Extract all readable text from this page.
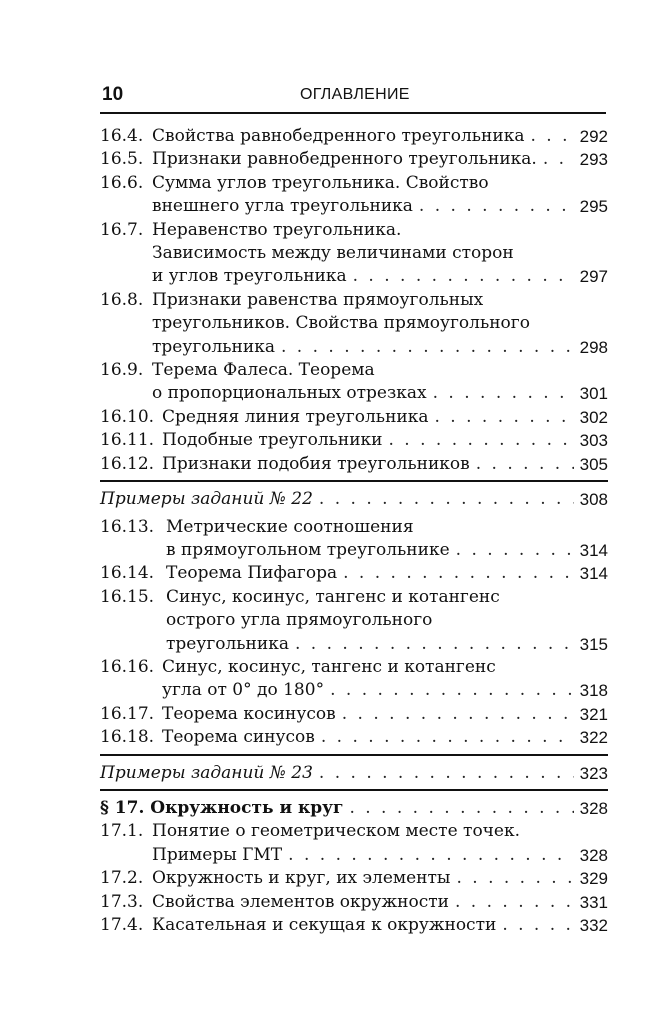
10	ОГЛАВЛЕНИЕ
16.4. Свойства равнобедренного треугольника . . .	292
16.5. Признаки равнобедренного треугольника. . . .	293
16.6. Сумма углов треугольника. Свойство
внешнего угла треугольника . . .	295
16.7. Неравенство треугольника.
Зависимость между величинами сторон
и углов треугольника . . .	297
16.8. Признаки равенства прямоугольных
треугольников. Свойства прямоугольного
треугольника . . .	298
16.9. Терема Фалеса. Теорема
о пропорциональных отрезках . . .	301
16.10. Средняя линия треугольника . . .	302
16.11. Подобные треугольники . . .	303
16.12. Признаки подобия треугольников . . .	305
Примеры заданий № 22 . . .	308
16.13. Метрические соотношения
в прямоугольном треугольнике . . .	314
16.14. Теорема Пифагора . . .	314
16.15. Синус, косинус, тангенс и котангенс
острого угла прямоугольного
треугольника . . .	315
16.16. Синус, косинус, тангенс и котангенс
угла от 0° до 180° . . .	318
16.17. Теорема косинусов . . .	321
16.18. Теорема синусов . . .	322
Примеры заданий № 23 . . .	323
§ 17. Окружность и круг . . .	328
17.1. Понятие о геометрическом месте точек.
Примеры ГМТ . . .	328
17.2. Окружность и круг, их элементы . . .	329
17.3. Свойства элементов окружности . . .	331
17.4. Касательная и секущая к окружности . . .	332
